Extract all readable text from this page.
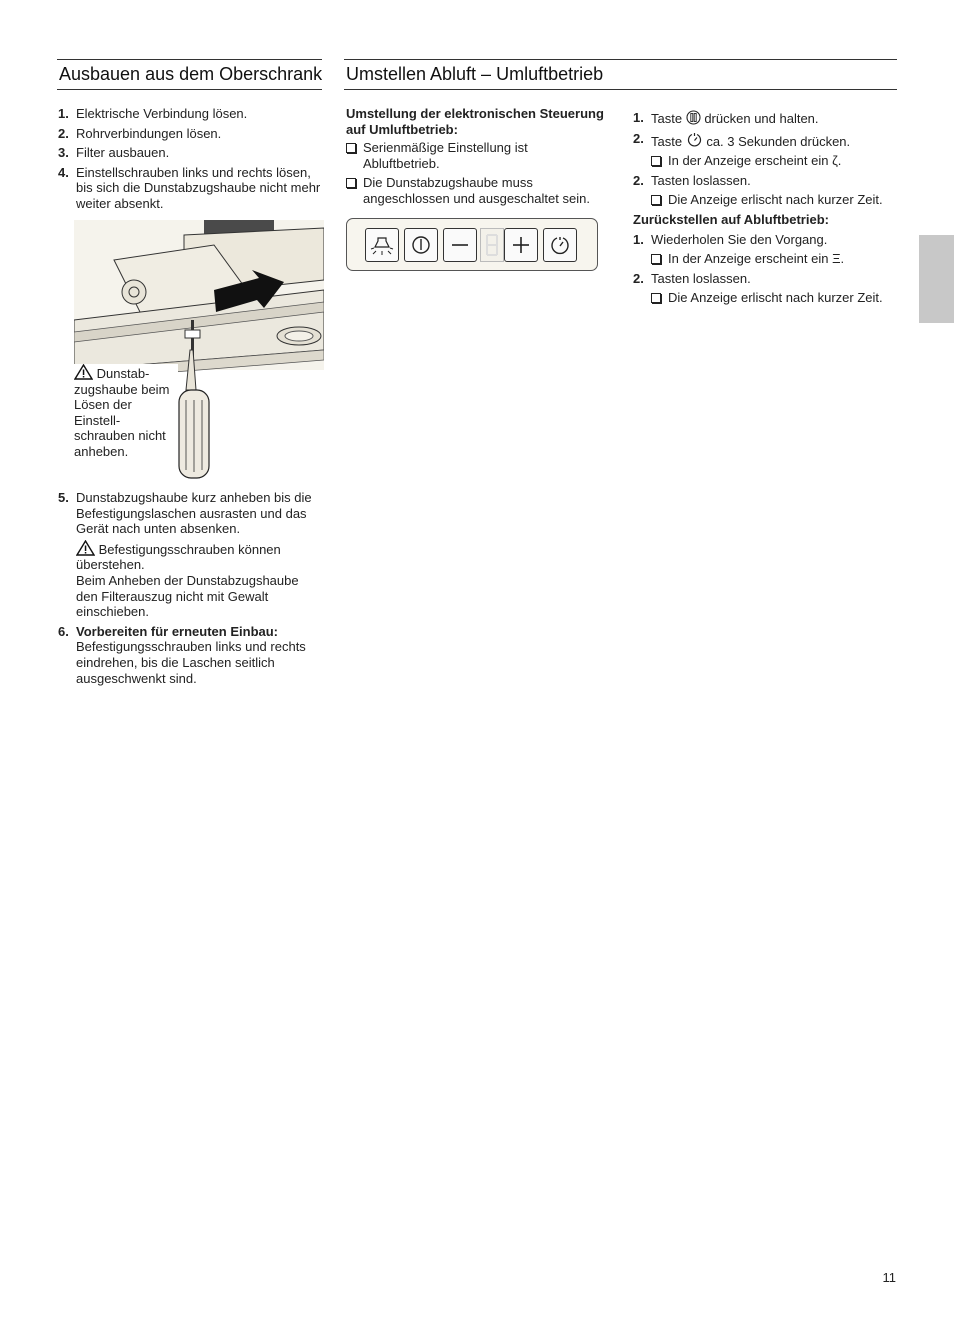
Ausbauen aus dem Oberschrank
1. Elektrische Verbindung lösen.
2. Rohrverbindungen lösen.
3. Filter ausbauen.
4. Einstellschrauben links und rechts lösen, bis sich die Dunstabzugshaube nicht mehr weiter absenkt.
Dunstab-zugshaube beim Lösen der Einstell-schrauben nicht anheben.
5. Dunstabzugshaube kurz anheben bis die Befestigungslaschen ausrasten und das Gerät nach unten absenken.
Befestigungsschrauben können überstehen.
Beim Anheben der Dunstabzugshaube den Filterauszug nicht mit Gewalt einschieben.
6. Vorbereiten für erneuten Einbau:
Befestigungsschrauben links und rechts eindrehen, bis die Laschen seitlich ausgeschwenkt sind.
Umstellen Abluft – Umluftbetrieb
Umstellung der elektronischen Steuerung auf Umluftbetrieb:
Serienmäßige Einstellung ist Abluftbetrieb.
Die Dunstabzugshaube muss angeschlossen und ausgeschaltet sein.
1. Taste drücken und halten.
2. Taste ca. 3 Sekunden drücken.
In der Anzeige erscheint ein ζ.
2. Tasten loslassen.
Die Anzeige erlischt nach kurzer Zeit.
Zurückstellen auf Abluftbetrieb:
1. Wiederholen Sie den Vorgang.
In der Anzeige erscheint ein Ξ.
2. Tasten loslassen.
Die Anzeige erlischt nach kurzer Zeit.
11
